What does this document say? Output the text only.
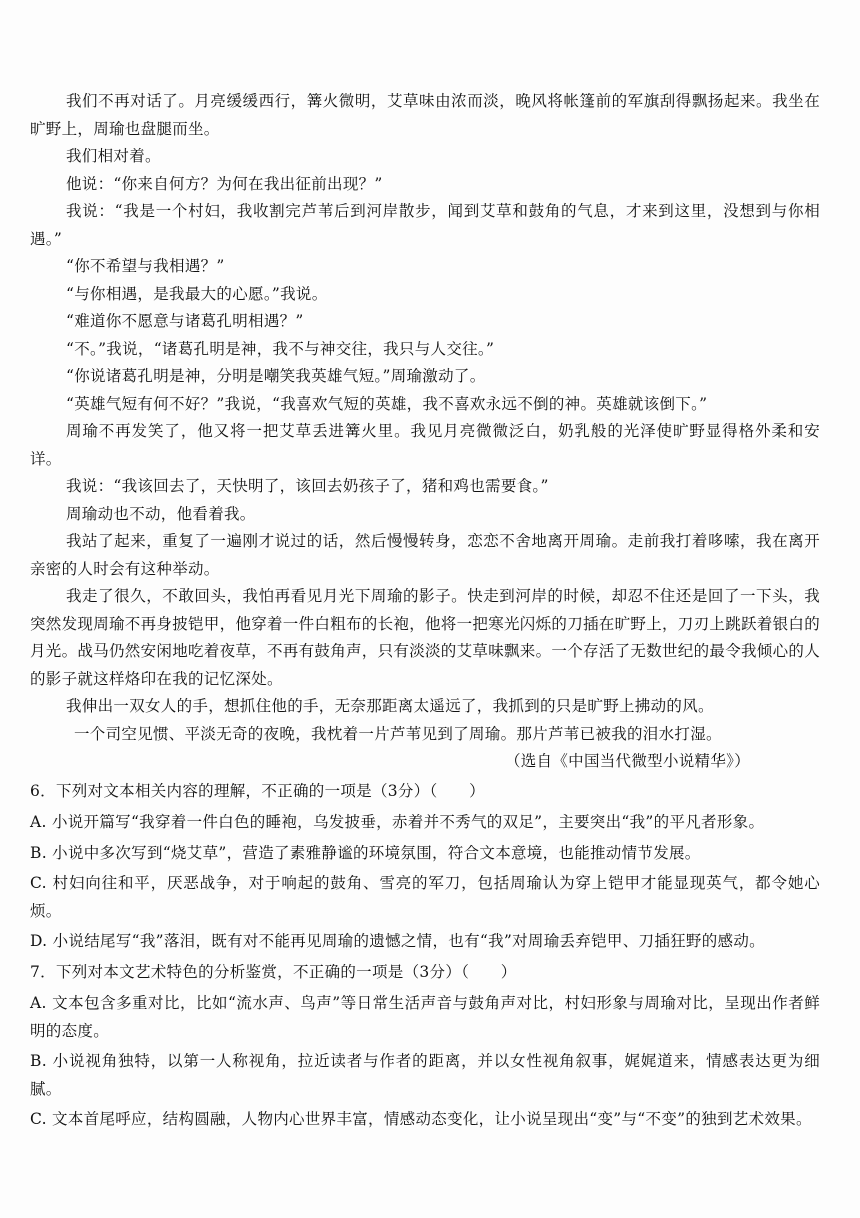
我们不再对话了。月亮缓缓西行，篝火微明，艾草味由浓而淡，晚风将帐篷前的军旗刮得飘扬起来。我坐在旷野上，周瑜也盘腿而坐。

我们相对着。

他说：“你来自何方？为何在我出征前出现？”

我说：“我是一个村妇，我收割完芦苇后到河岸散步，闻到艾草和鼓角的气息，才来到这里，没想到与你相遇。”

“你不希望与我相遇？”

“与你相遇，是我最大的心愿。”我说。

“难道你不愿意与诸葛孔明相遇？”

“不。”我说，“诸葛孔明是神，我不与神交往，我只与人交往。”

“你说诸葛孔明是神，分明是嘲笑我英雄气短。”周瑜激动了。

“英雄气短有何不好？”我说，“我喜欢气短的英雄，我不喜欢永远不倒的神。英雄就该倒下。”

周瑜不再发笑了，他又将一把艾草丢进篝火里。我见月亮微微泛白，奶乳般的光泽使旷野显得格外柔和安详。

我说：“我该回去了，天快明了，该回去奶孩子了，猪和鸡也需要食。”

周瑜动也不动，他看着我。

我站了起来，重复了一遍刚才说过的话，然后慢慢转身，恋恋不舍地离开周瑜。走前我打着哆嗦，我在离开亲密的人时会有这种举动。

我走了很久，不敢回头，我怕再看见月光下周瑜的影子。快走到河岸的时候，却忍不住还是回了一下头，我突然发现周瑜不再身披铠甲，他穿着一件白粗布的长袍，他将一把寒光闪烁的刀插在旷野上，刀刃上跳跃着银白的月光。战马仍然安闲地吃着夜草，不再有鼓角声，只有淡淡的艾草味飘来。一个存活了无数世纪的最令我倾心的人的影子就这样烙印在我的记忆深处。

我伸出一双女人的手，想抓住他的手，无奈那距离太遥远了，我抓到的只是旷野上拂动的风。

一个司空见惯、平淡无奇的夜晚，我枕着一片芦苇见到了周瑜。那片芦苇已被我的泪水打湿。

（选自《中国当代微型小说精华》）

6．下列对文本相关内容的理解，不正确的一项是（3分）（　　）

A. 小说开篇写“我穿着一件白色的睡袍，乌发披垂，赤着并不秀气的双足”，主要突出“我”的平凡者形象。

B. 小说中多次写到“烧艾草”，营造了素雅静谧的环境氛围，符合文本意境，也能推动情节发展。

C. 村妇向往和平，厌恶战争，对于响起的鼓角、雪亮的军刀，包括周瑜认为穿上铠甲才能显现英气，都令她心烦。

D. 小说结尾写“我”落泪，既有对不能再见周瑜的遗憾之情，也有“我”对周瑜丢弃铠甲、刀插狂野的感动。

7．下列对本文艺术特色的分析鉴赏，不正确的一项是（3分）（　　）

A. 文本包含多重对比，比如“流水声、鸟声”等日常生活声音与鼓角声对比，村妇形象与周瑜对比，呈现出作者鲜明的态度。

B. 小说视角独特，以第一人称视角，拉近读者与作者的距离，并以女性视角叙事，娓娓道来，情感表达更为细腻。

C. 文本首尾呼应，结构圆融，人物内心世界丰富，情感动态变化，让小说呈现出“变”与“不变”的独到艺术效果。
